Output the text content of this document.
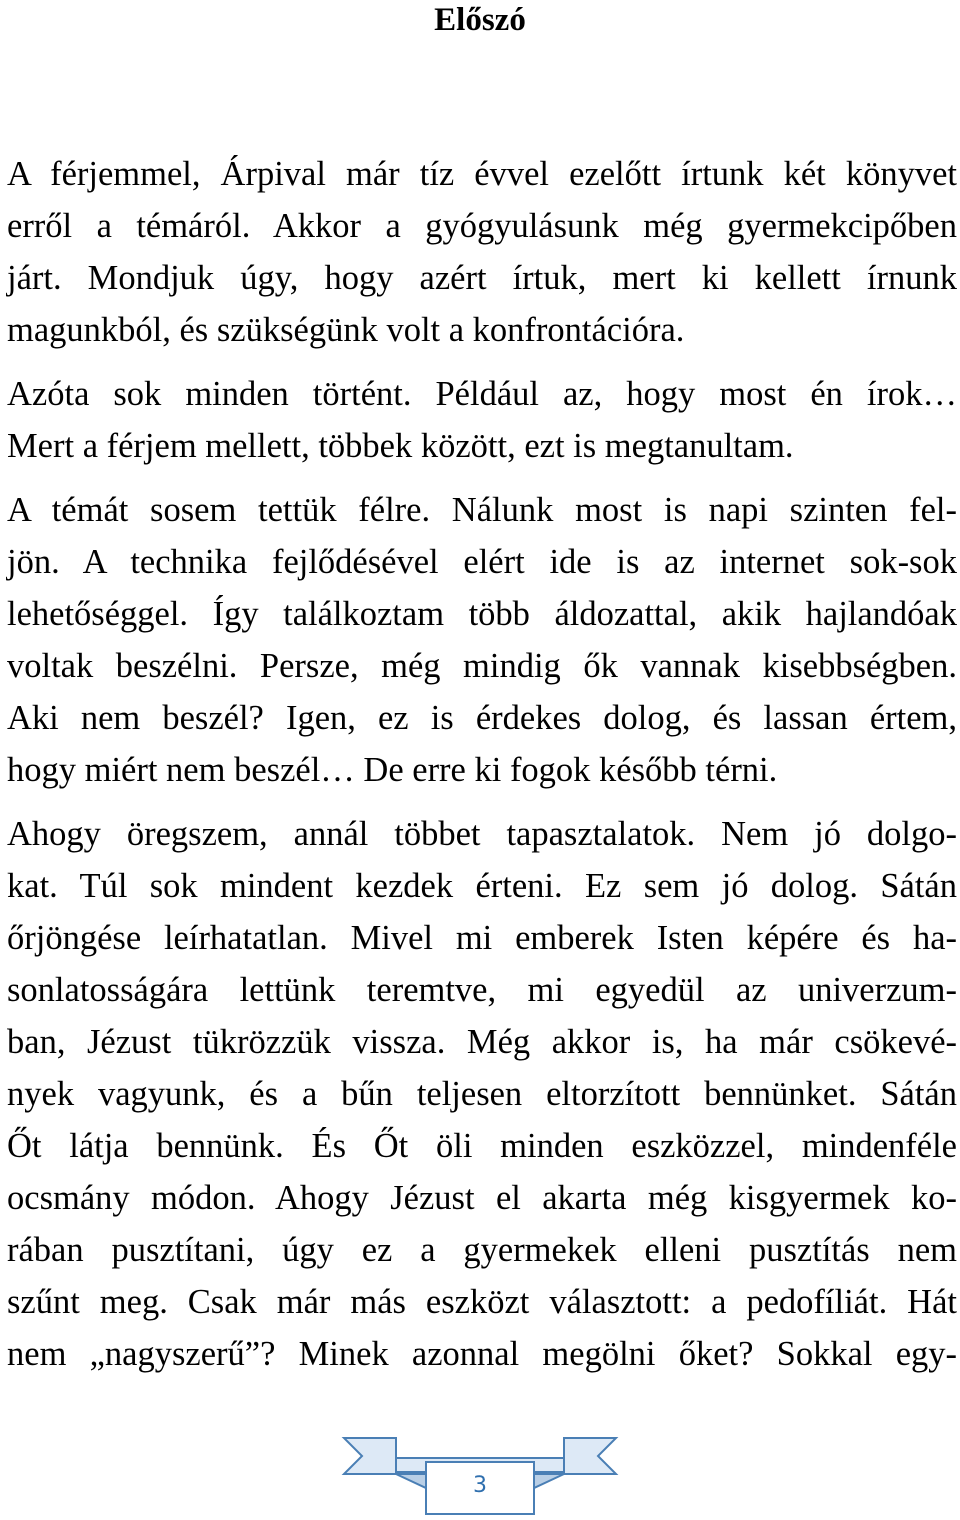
Előszó
A férjemmel, Árpival már tíz évvel ezelőtt írtunk két könyvet
erről a témáról. Akkor a gyógyulásunk még gyermekcipőben
járt. Mondjuk úgy, hogy azért írtuk, mert ki kellett írnunk
magunkból, és szükségünk volt a konfrontációra.
Azóta sok minden történt. Például az, hogy most én írok…
Mert a férjem mellett, többek között, ezt is megtanultam.
A témát sosem tettük félre. Nálunk most is napi szinten fel-
jön. A technika fejlődésével elért ide is az internet sok-sok
lehetőséggel. Így találkoztam több áldozattal, akik hajlandóak
voltak beszélni. Persze, még mindig ők vannak kisebbségben.
Aki nem beszél? Igen, ez is érdekes dolog, és lassan értem,
hogy miért nem beszél… De erre ki fogok később térni.
Ahogy öregszem, annál többet tapasztalatok. Nem jó dolgo-
kat. Túl sok mindent kezdek érteni. Ez sem jó dolog. Sátán
őrjöngése leírhatatlan. Mivel mi emberek Isten képére és ha-
sonlatosságára lettünk teremtve, mi egyedül az univerzum-
ban, Jézust tükrözzük vissza. Még akkor is, ha már csökevé-
nyek vagyunk, és a bűn teljesen eltorzított bennünket. Sátán
Őt látja bennünk. És Őt öli minden eszközzel, mindenféle
ocsmány módon. Ahogy Jézust el akarta még kisgyermek ko-
rában pusztítani, úgy ez a gyermekek elleni pusztítás nem
szűnt meg. Csak már más eszközt választott: a pedofíliát. Hát
nem „nagyszerű”? Minek azonnal megölni őket? Sokkal egy-
3
